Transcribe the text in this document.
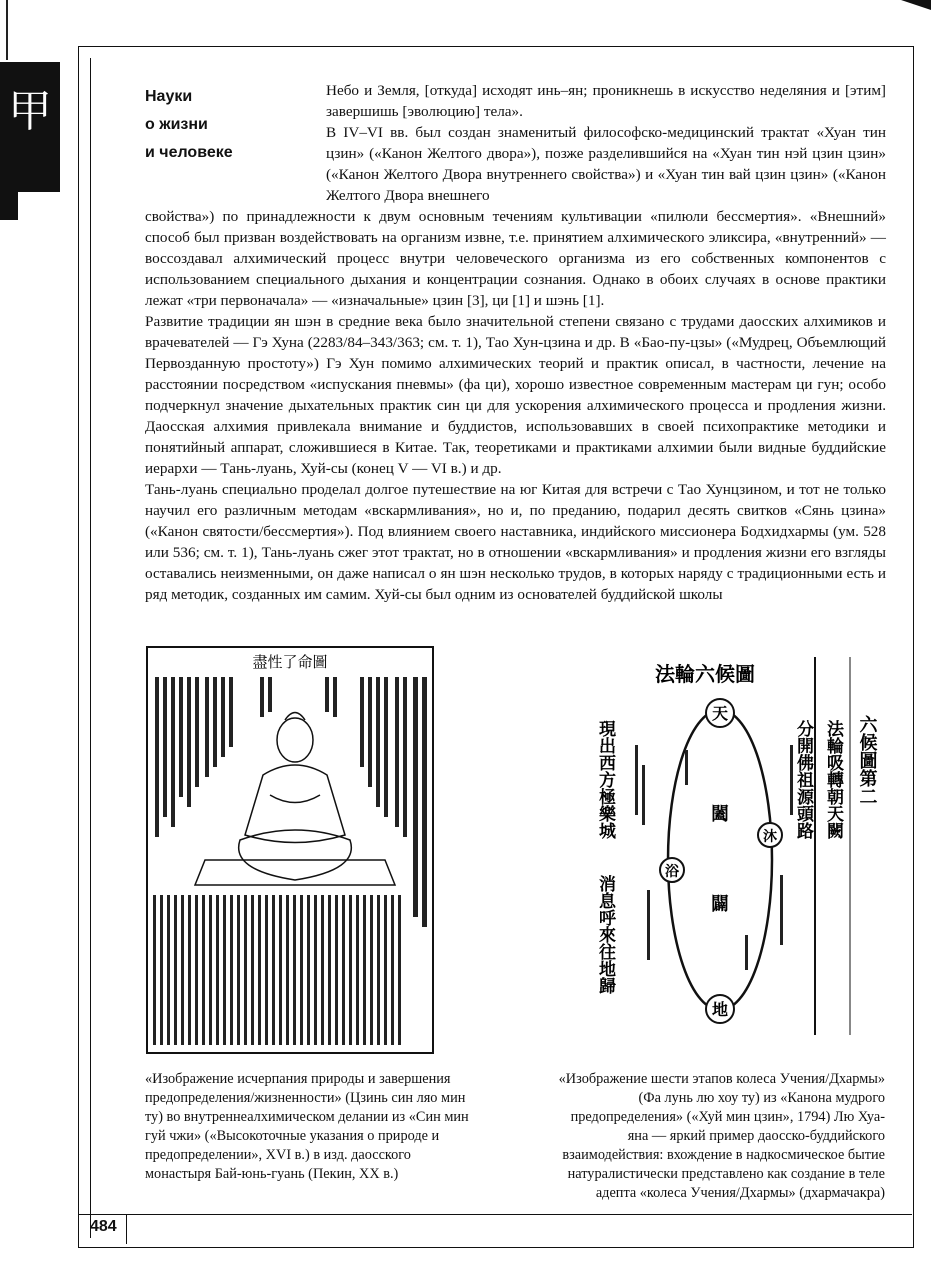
甲
484
Науки
о жизни
и человеке

Небо и Земля, [откуда] исходят инь–ян; проникнешь в искусство неделяния и [этим] завершишь [эволюцию] тела».

В IV–VI вв. был создан знаменитый философско-медицинский трактат «Хуан тин цзин» («Канон Желтого двора»), позже разделившийся на «Хуан тин нэй цзин цзин» («Канон Желтого Двора внутреннего свойства») и «Хуан тин вай цзин цзин» («Канон Желтого Двора внешнего

свойства») по принадлежности к двум основным течениям культивации «пилюли бессмертия». «Внешний» способ был призван воздействовать на организм извне, т.е. принятием алхимического эликсира, «внутренний» — воссоздавал алхимический процесс внутри человеческого организма из его собственных компонентов с использованием специального дыхания и концентрации сознания. Однако в обоих случаях в основе практики лежат «три первоначала» — «изначальные» цзин [3], ци [1] и шэнь [1].

Развитие традиции ян шэн в средние века было значительной степени связано с трудами даосских алхимиков и врачевателей — Гэ Хуна (2283/84–343/363; см. т. 1), Тао Хун-цзина и др. В «Бао-пу-цзы» («Мудрец, Объемлющий Первозданную простоту») Гэ Хун помимо алхимических теорий и практик описал, в частности, лечение на расстоянии посредством «испускания пневмы» (фа ци), хорошо известное современным мастерам ци гун; особо подчеркнул значение дыхательных практик син ци для ускорения алхимического процесса и продления жизни. Даосская алхимия привлекала внимание и буддистов, использовавших в своей психопрактике методики и понятийный аппарат, сложившиеся в Китае. Так, теоретиками и практиками алхимии были видные буддийские иерархи — Тань-луань, Хуй-сы (конец V — VI в.) и др.

Тань-луань специально проделал долгое путешествие на юг Китая для встречи с Тао Хунцзином, и тот не только научил его различным методам «вскармливания», но и, по преданию, подарил десять свитков «Сянь цзина» («Канон святости/бессмертия»). Под влиянием своего наставника, индийского миссионера Бодхидхармы (ум. 528 или 536; см. т. 1), Тань-луань сжег этот трактат, но в отношении «вскармливания» и продления жизни его взгляды оставались неизменными, он даже написал о ян шэн несколько трудов, в которых наряду с традиционными есть и ряд методик, созданных им самим. Хуй-сы был одним из основателей буддийской школы

盡性了命圖	法輪六候圖
六候圖第二
法輪吸轉朝天闕
分開佛祖源頭路
現出西方極樂城
消息呼來往地歸
天
地
沐
浴
闔
闢
«Изображение исчерпания природы и завершения предопределения/жизненности» (Цзинь син ляо мин ту) во внутреннеалхимическом делании из «Син мин гуй чжи» («Высокоточные указания о природе и предопределении», XVI в.) в изд. даосского монастыря Бай-юнь-гуань (Пекин, XX в.)
«Изображение шести этапов колеса Учения/Дхармы» (Фа лунь лю хоу ту) из «Канона мудрого предопределения» («Хуй мин цзин», 1794) Лю Хуа-яна — яркий пример даосско-буддийского взаимодействия: вхождение в надкосмическое бытие натуралистически представлено как создание в теле адепта «колеса Учения/Дхармы» (дхармачакра)
